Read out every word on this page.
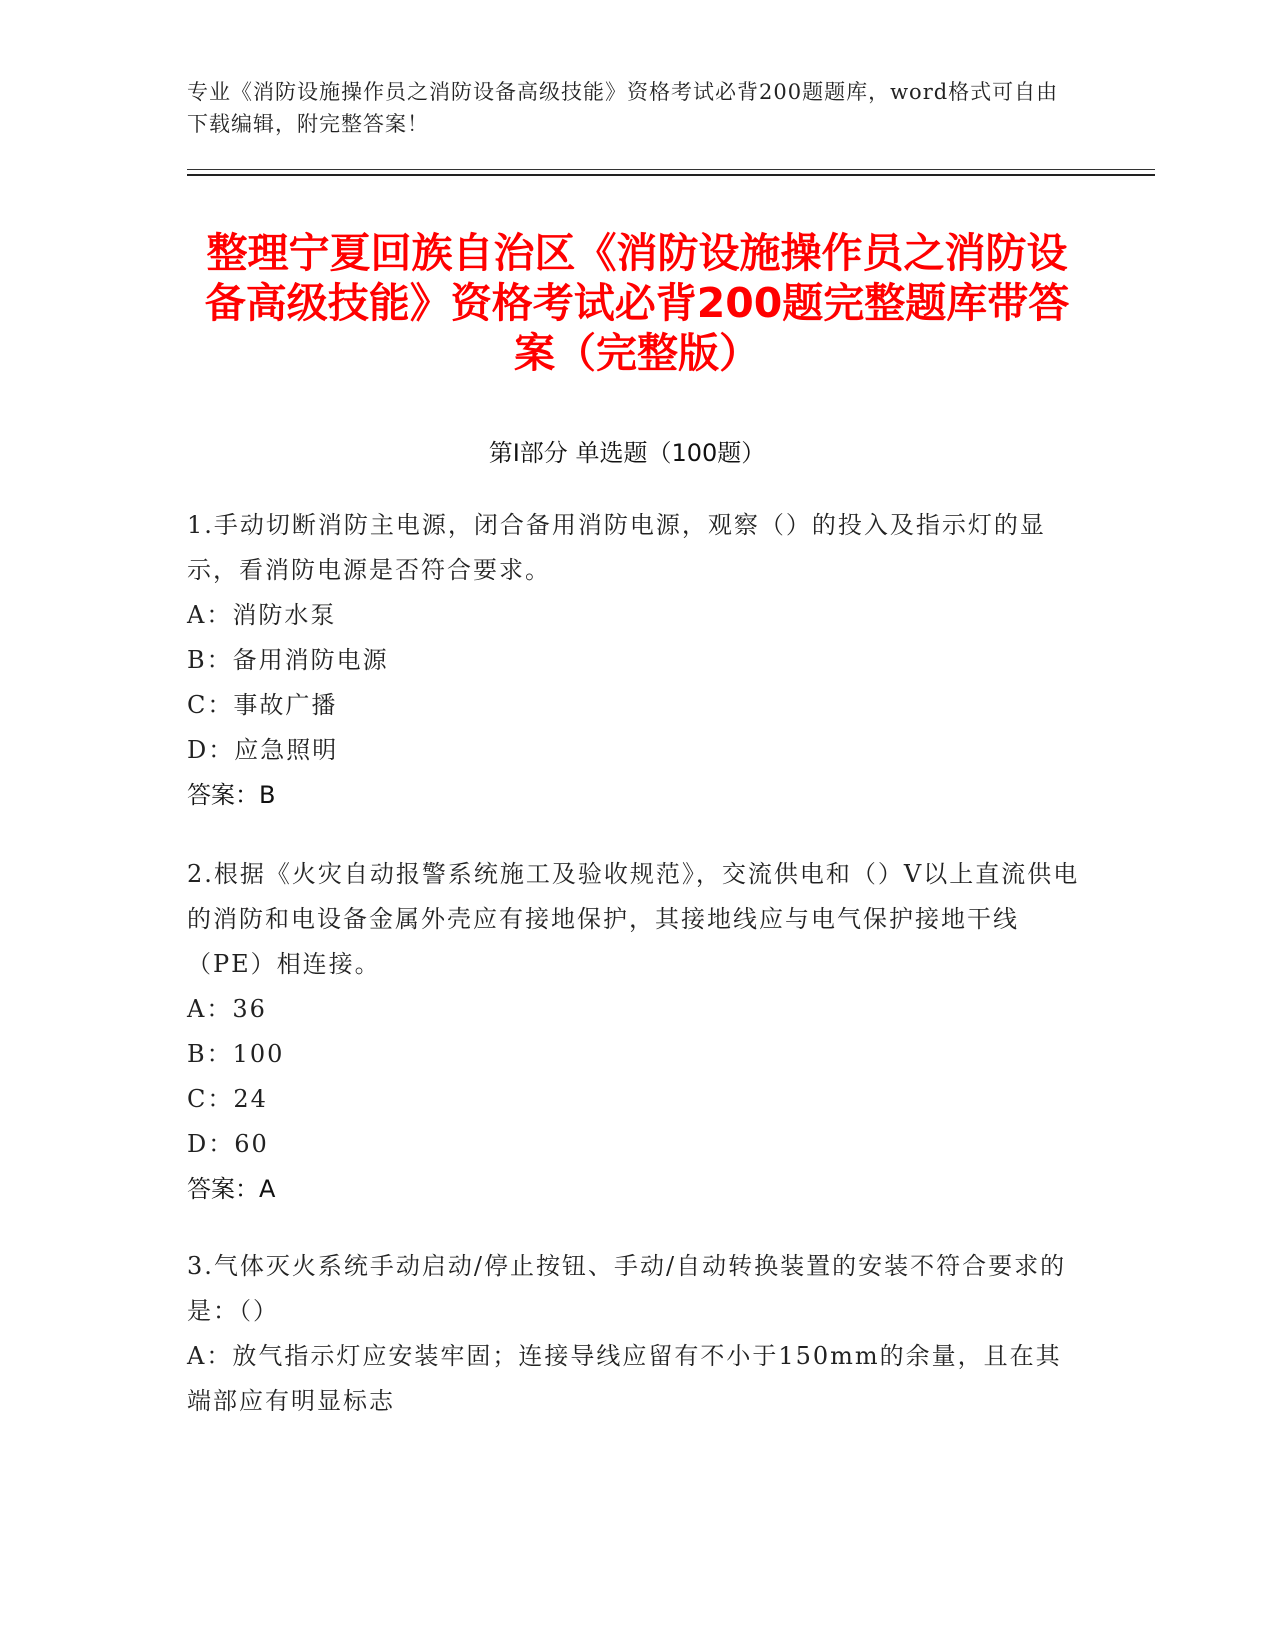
专业《消防设施操作员之消防设备高级技能》资格考试必背200题题库，word格式可自由下载编辑，附完整答案！
整理宁夏回族自治区《消防设施操作员之消防设备高级技能》资格考试必背200题完整题库带答案（完整版）
第I部分 单选题（100题）

1.手动切断消防主电源，闭合备用消防电源，观察（）的投入及指示灯的显示，看消防电源是否符合要求。

A：消防水泵

B：备用消防电源

C：事故广播

D：应急照明

答案：B

2.根据《火灾自动报警系统施工及验收规范》，交流供电和（）V以上直流供电的消防和电设备金属外壳应有接地保护，其接地线应与电气保护接地干线（PE）相连接。

A：36

B：100

C：24

D：60

答案：A

3.气体灭火系统手动启动/停止按钮、手动/自动转换装置的安装不符合要求的是：（）

A：放气指示灯应安装牢固；连接导线应留有不小于150mm的余量，且在其端部应有明显标志
